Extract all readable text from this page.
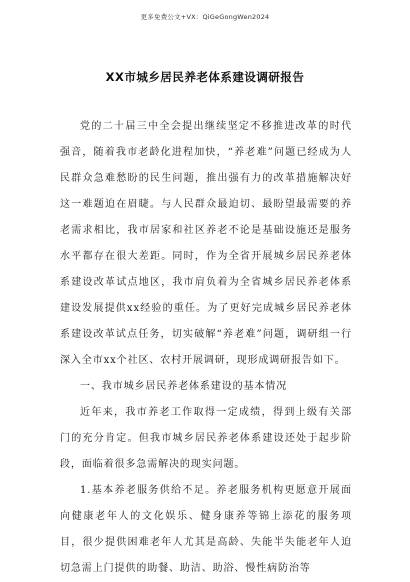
更多免费公文+VX：QiGeGongWen2024
XX市城乡居民养老体系建设调研报告

党的二十届三中全会提出继续坚定不移推进改革的时代强音，随着我市老龄化进程加快，“养老难”问题已经成为人民群众急难愁盼的民生问题，推出强有力的改革措施解决好这一难题迫在眉睫。与人民群众最迫切、最盼望最需要的养老需求相比，我市居家和社区养老不论是基础设施还是服务水平都存在很大差距。同时，作为全省开展城乡居民养老体系建设改革试点地区，我市肩负着为全省城乡居民养老体系建设发展提供xx经验的重任。为了更好完成城乡居民养老体系建设改革试点任务，切实破解“养老难”问题，调研组一行深入全市xx个社区、农村开展调研，现形成调研报告如下。

一、我市城乡居民养老体系建设的基本情况

近年来，我市养老工作取得一定成绩，得到上级有关部门的充分肯定。但我市城乡居民养老体系建设还处于起步阶段，面临着很多急需解决的现实问题。

1.基本养老服务供给不足。养老服务机构更愿意开展面向健康老年人的文化娱乐、健身康养等锦上添花的服务项目，很少提供困难老年人尤其是高龄、失能半失能老年人迫切急需上门提供的助餐、助洁、助浴、慢性病防治等
